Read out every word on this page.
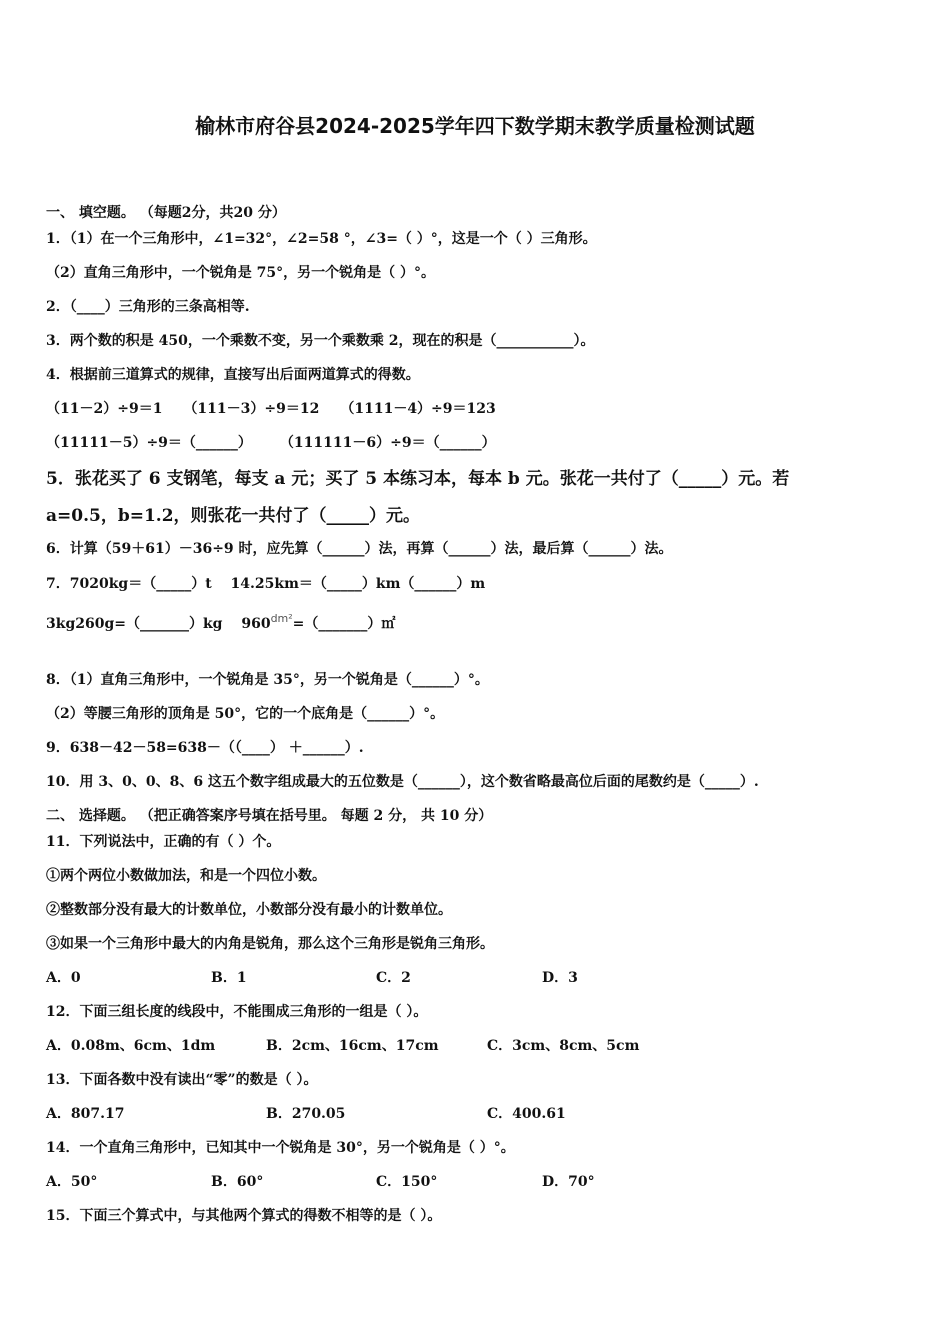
榆林市府谷县2024-2025学年四下数学期末教学质量检测试题
一、 填空题。 （每题2分，共20 分）
1．（1）在一个三角形中，∠1=32°，∠2=58 °，∠3=（ ）°，这是一个（ ）三角形。
（2）直角三角形中，一个锐角是 75°，另一个锐角是（ ）°。
2．（____）三角形的三条高相等.
3．两个数的积是 450，一个乘数不变，另一个乘数乘 2，现在的积是（___________）。
4．根据前三道算式的规律，直接写出后面两道算式的得数。
（11－2）÷9＝1　　（111－3）÷9＝12　　（1111－4）÷9＝123
（11111－5）÷9＝（______）　　　（111111－6）÷9＝（______）
5．张花买了 6 支钢笔，每支 a 元；买了 5 本练习本，每本 b 元。张花一共付了（_____）元。若
a=0.5，b=1.2，则张花一共付了（_____）元。
6．计算（59＋61）－36÷9 时，应先算（______）法，再算（______）法，最后算（______）法。
7．7020kg＝（_____）t　 14.25km＝（_____）km（______）m
3kg260g=（_______）kg　 $960^{dm^2}=(\_\_\_\_\_\_\_)㎡$
8．（1）直角三角形中，一个锐角是 35°，另一个锐角是（______）°。
（2）等腰三角形的顶角是 50°，它的一个底角是（______）°。
9．638－42－58=638－（（____） ＋______）.
10．用 3、0、0、8、6 这五个数字组成最大的五位数是（______），这个数省略最高位后面的尾数约是（_____）.
二、 选择题。 （把正确答案序号填在括号里。 每题 2 分， 共 10 分）
11．下列说法中，正确的有（ ）个。
①两个两位小数做加法，和是一个四位小数。
②整数部分没有最大的计数单位，小数部分没有最小的计数单位。
③如果一个三角形中最大的内角是锐角，那么这个三角形是锐角三角形。
A．0	B．1	C．2	D．3
12．下面三组长度的线段中，不能围成三角形的一组是（ ）。
A．0.08m、6cm、1dm	B．2cm、16cm、17cm	C．3cm、8cm、5cm
13．下面各数中没有读出“零”的数是（ ）。
A．807.17	B．270.05	C．400.61
14．一个直角三角形中，已知其中一个锐角是 30°，另一个锐角是（ ）°。
A．50°	B．60°	C．150°	D．70°
15．下面三个算式中，与其他两个算式的得数不相等的是（ ）。
